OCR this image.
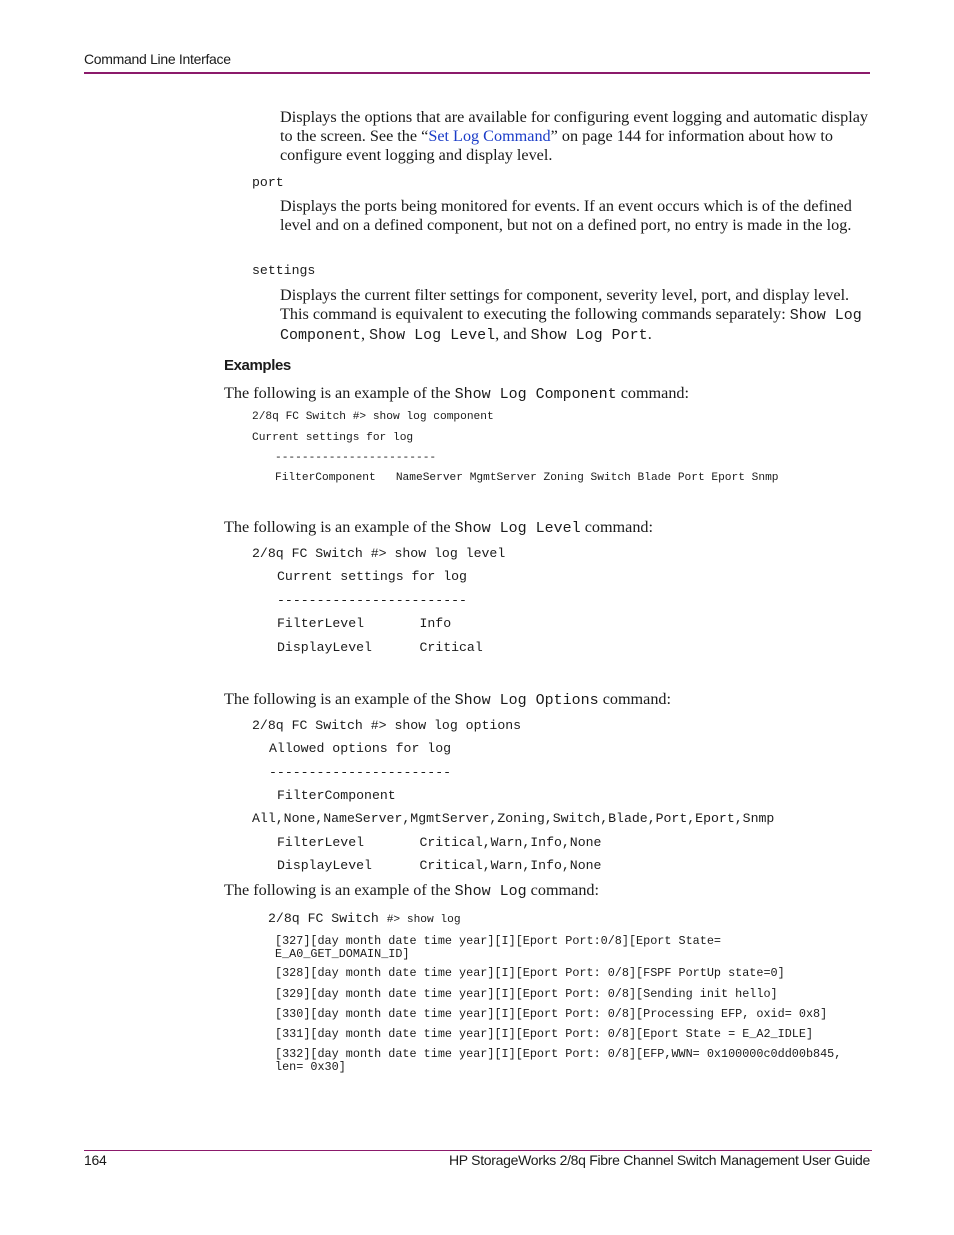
Command Line Interface

Displays the options that are available for configuring event logging and automatic display to the screen. See the “Set Log Command” on page 144 for information about how to configure event logging and display level.

port

Displays the ports being monitored for events. If an event occurs which is of the defined level and on a defined component, but not on a defined port, no entry is made in the log.

settings

Displays the current filter settings for component, severity level, port, and display level. This command is equivalent to executing the following commands separately: Show Log Component, Show Log Level, and Show Log Port.

Examples
The following is an example of the Show Log Component command:
2/8q FC Switch #> show log component
Current settings for log
------------------------
FilterComponent   NameServer MgmtServer Zoning Switch Blade Port Eport Snmp
The following is an example of the Show Log Level command:
2/8q FC Switch #> show log level
Current settings for log
------------------------
FilterLevel       Info
DisplayLevel      Critical
The following is an example of the Show Log Options command:
2/8q FC Switch #> show log options
Allowed options for log
-----------------------
FilterComponent
All,None,NameServer,MgmtServer,Zoning,Switch,Blade,Port,Eport,Snmp
FilterLevel       Critical,Warn,Info,None
DisplayLevel      Critical,Warn,Info,None
The following is an example of the Show Log command:
2/8q FC Switch #> show log
[327][day month date time year][I][Eport Port:0/8][Eport State=
E_A0_GET_DOMAIN_ID]
[328][day month date time year][I][Eport Port: 0/8][FSPF PortUp state=0]
[329][day month date time year][I][Eport Port: 0/8][Sending init hello]
[330][day month date time year][I][Eport Port: 0/8][Processing EFP, oxid= 0x8]
[331][day month date time year][I][Eport Port: 0/8][Eport State = E_A2_IDLE]
[332][day month date time year][I][Eport Port: 0/8][EFP,WWN= 0x100000c0dd00b845,
len= 0x30]
164	HP StorageWorks 2/8q Fibre Channel Switch Management User Guide
